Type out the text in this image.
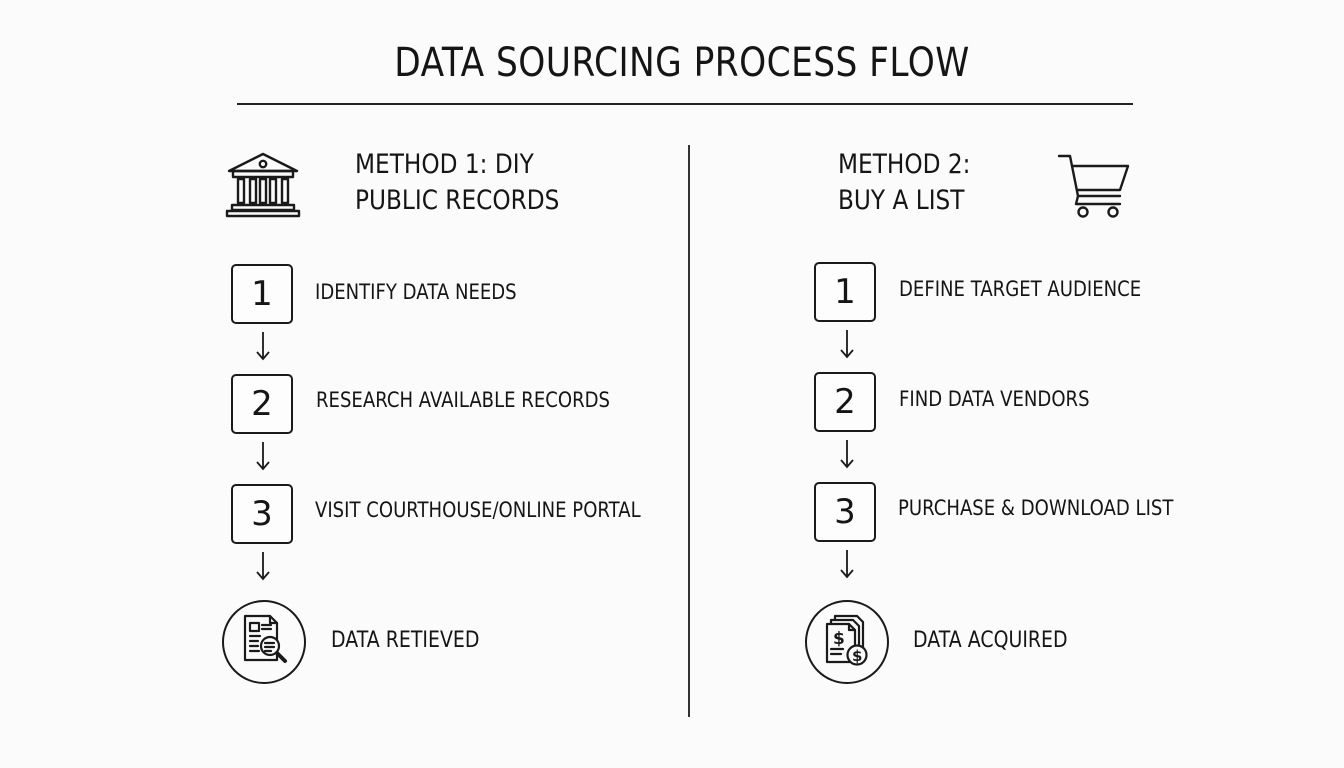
DATA SOURCING PROCESS FLOW
METHOD 1: DIY
PUBLIC RECORDS
1 IDENTIFY DATA NEEDS
2 RESEARCH AVAILABLE RECORDS
3 VISIT COURTHOUSE/ONLINE PORTAL
DATA RETIEVED
METHOD 2:
BUY A LIST
1 DEFINE TARGET AUDIENCE
2 FIND DATA VENDORS
3 PURCHASE & DOWNLOAD LIST
$
$
DATA ACQUIRED
